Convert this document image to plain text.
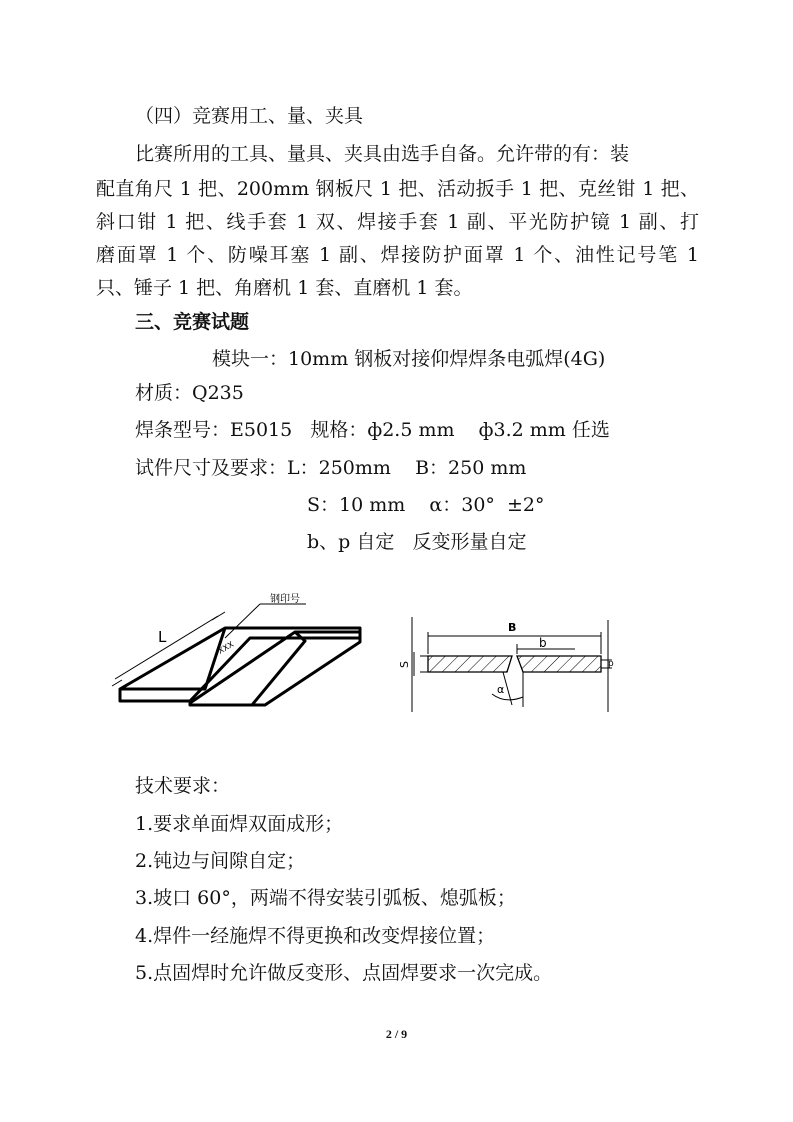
（四）竞赛用工、量、夹具
比赛所用的工具、量具、夹具由选手自备。允许带的有：装
配直角尺 1 把、200mm 钢板尺 1 把、活动扳手 1 把、克丝钳 1 把、
斜口钳 1 把、线手套 1 双、焊接手套 1 副、平光防护镜 1 副、打
磨面罩 1 个、防噪耳塞 1 副、焊接防护面罩 1 个、油性记号笔 1
只、锤子 1 把、角磨机 1 套、直磨机 1 套。
三、竞赛试题
模块一：10mm 钢板对接仰焊焊条电弧焊(4G)
材质：Q235
焊条型号：E5015   规格：ф2.5 mm    ф3.2 mm 任选
试件尺寸及要求：L：250mm    B：250 mm
S：10 mm    α：30°  ±2°
b、p 自定   反变形量自定
L
钢印号
XXX
B
b
S	p
α
技术要求：
1.要求单面焊双面成形；
2.钝边与间隙自定；
3.坡口 60°，两端不得安装引弧板、熄弧板；
4.焊件一经施焊不得更换和改变焊接位置；
5.点固焊时允许做反变形、点固焊要求一次完成。
2 / 9
